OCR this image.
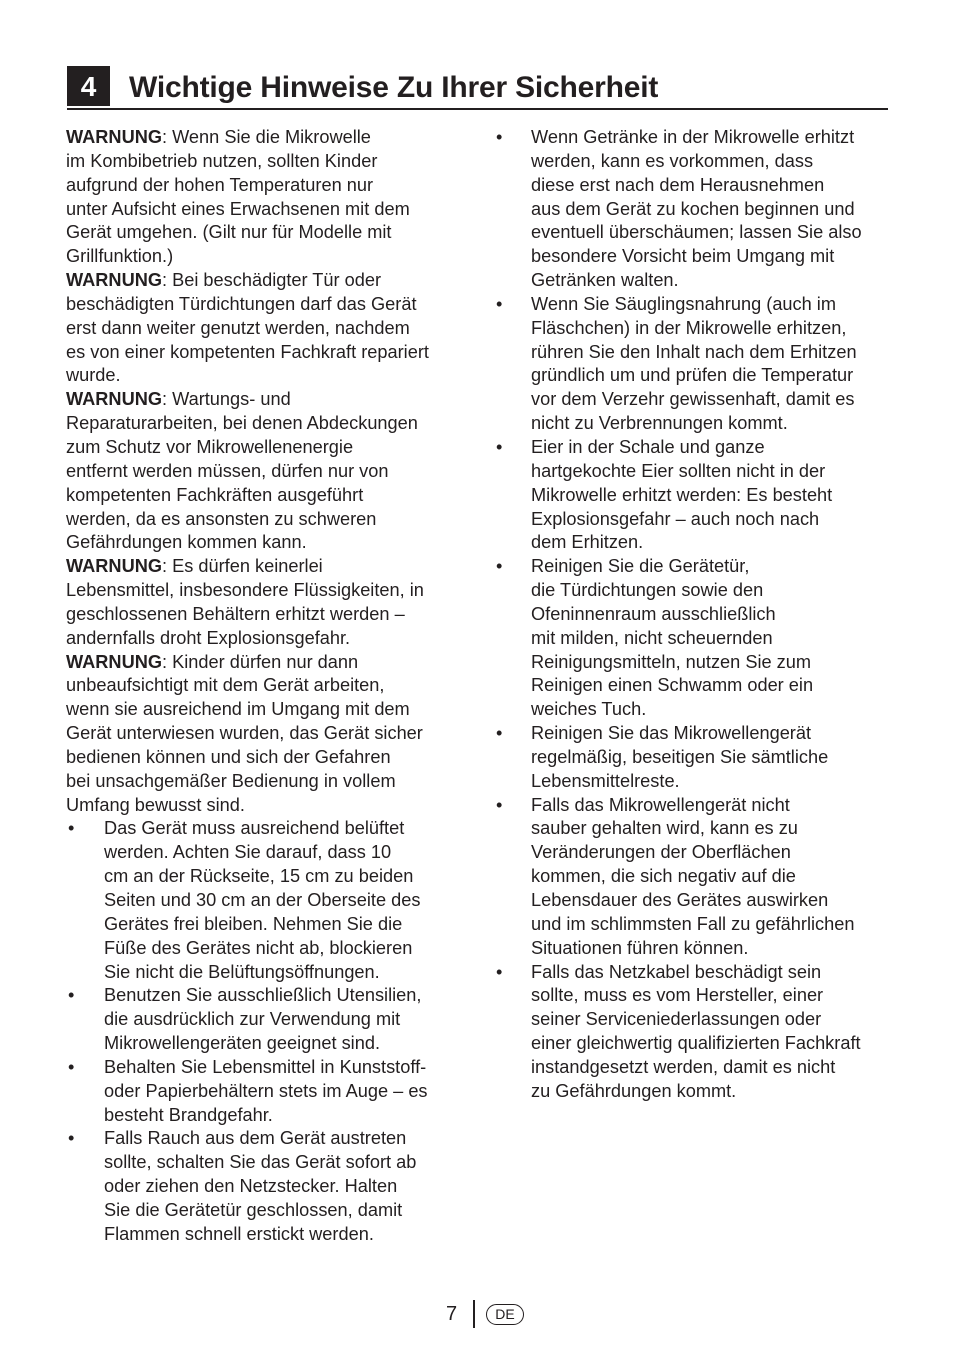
4	Wichtige Hinweise Zu Ihrer Sicherheit

WARNUNG: Wenn Sie die Mikrowelle
im Kombibetrieb nutzen, sollten Kinder
aufgrund der hohen Temperaturen nur
unter Aufsicht eines Erwachsenen mit dem
Gerät umgehen. (Gilt nur für Modelle mit
Grillfunktion.)

WARNUNG: Bei beschädigter Tür oder
beschädigten Türdichtungen darf das Gerät
erst dann weiter genutzt werden, nachdem
es von einer kompetenten Fachkraft repariert
wurde.

WARNUNG: Wartungs- und
Reparaturarbeiten, bei denen Abdeckungen
zum Schutz vor Mikrowellenenergie
entfernt werden müssen, dürfen nur von
kompetenten Fachkräften ausgeführt
werden, da es ansonsten zu schweren
Gefährdungen kommen kann.

WARNUNG: Es dürfen keinerlei
Lebensmittel, insbesondere Flüssigkeiten, in
geschlossenen Behältern erhitzt werden –
andernfalls droht Explosionsgefahr.

WARNUNG: Kinder dürfen nur dann
unbeaufsichtigt mit dem Gerät arbeiten,
wenn sie ausreichend im Umgang mit dem
Gerät unterwiesen wurden, das Gerät sicher
bedienen können und sich der Gefahren
bei unsachgemäßer Bedienung in vollem
Umfang bewusst sind.

• Das Gerät muss ausreichend belüftet
werden. Achten Sie darauf, dass 10
cm an der Rückseite, 15 cm zu beiden
Seiten und 30 cm an der Oberseite des
Gerätes frei bleiben. Nehmen Sie die
Füße des Gerätes nicht ab, blockieren
Sie nicht die Belüftungsöffnungen.
• Benutzen Sie ausschließlich Utensilien,
die ausdrücklich zur Verwendung mit
Mikrowellengeräten geeignet sind.
• Behalten Sie Lebensmittel in Kunststoff-
oder Papierbehältern stets im Auge – es
besteht Brandgefahr.
• Falls Rauch aus dem Gerät austreten
sollte, schalten Sie das Gerät sofort ab
oder ziehen den Netzstecker. Halten
Sie die Gerätetür geschlossen, damit
Flammen schnell erstickt werden.
• Wenn Getränke in der Mikrowelle erhitzt
werden, kann es vorkommen, dass
diese erst nach dem Herausnehmen
aus dem Gerät zu kochen beginnen und
eventuell überschäumen; lassen Sie also
besondere Vorsicht beim Umgang mit
Getränken walten.
• Wenn Sie Säuglingsnahrung (auch im
Fläschchen) in der Mikrowelle erhitzen,
rühren Sie den Inhalt nach dem Erhitzen
gründlich um und prüfen die Temperatur
vor dem Verzehr gewissenhaft, damit es
nicht zu Verbrennungen kommt.
• Eier in der Schale und ganze
hartgekochte Eier sollten nicht in der
Mikrowelle erhitzt werden: Es besteht
Explosionsgefahr – auch noch nach
dem Erhitzen.
• Reinigen Sie die Gerätetür,
die Türdichtungen sowie den
Ofeninnenraum ausschließlich
mit milden, nicht scheuernden
Reinigungsmitteln, nutzen Sie zum
Reinigen einen Schwamm oder ein
weiches Tuch.
• Reinigen Sie das Mikrowellengerät
regelmäßig, beseitigen Sie sämtliche
Lebensmittelreste.
• Falls das Mikrowellengerät nicht
sauber gehalten wird, kann es zu
Veränderungen der Oberflächen
kommen, die sich negativ auf die
Lebensdauer des Gerätes auswirken
und im schlimmsten Fall zu gefährlichen
Situationen führen können.
• Falls das Netzkabel beschädigt sein
sollte, muss es vom Hersteller, einer
seiner Serviceniederlassungen oder
einer gleichwertig qualifizierten Fachkraft
instandgesetzt werden, damit es nicht
zu Gefährdungen kommt.
7	DE
